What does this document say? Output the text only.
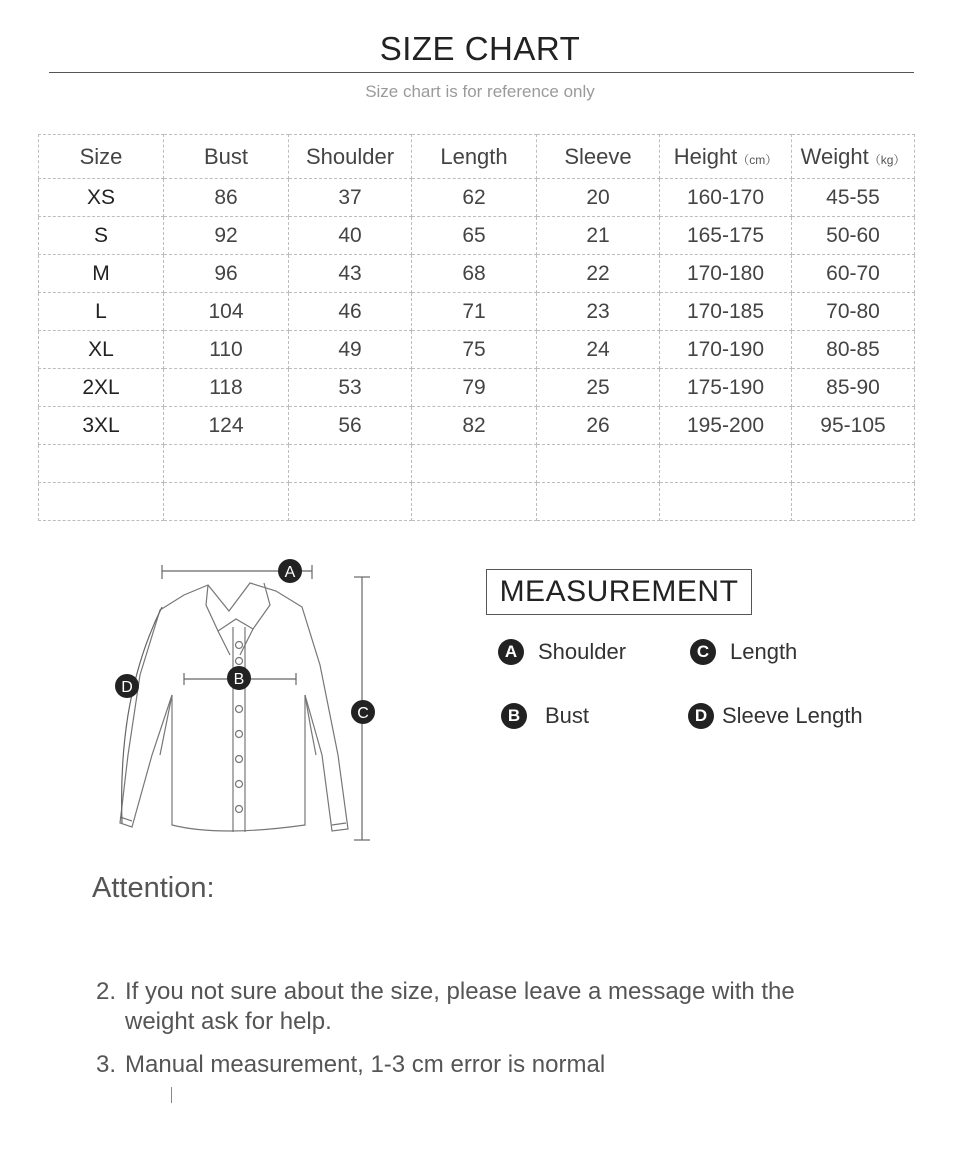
SIZE CHART
Size chart is for reference only
Size	Bust	Shoulder	Length	Sleeve	Height（cm）	Weight（kg）
XS	86	37	62	20	160-170	45-55
S	92	40	65	21	165-175	50-60
M	96	43	68	22	170-180	60-70
L	104	46	71	23	170-185	70-80
XL	110	49	75	24	170-190	80-85
2XL	118	53	79	25	175-190	85-90
3XL	124	56	82	26	195-200	95-105

A
B
C
D
MEASUREMENT
A Shoulder	C Length
B	Bust	D Sleeve Length
Attention:
2. If you not sure about the size, please leave a message with the
weight ask for help.
3. Manual measurement, 1-3 cm error is normal
